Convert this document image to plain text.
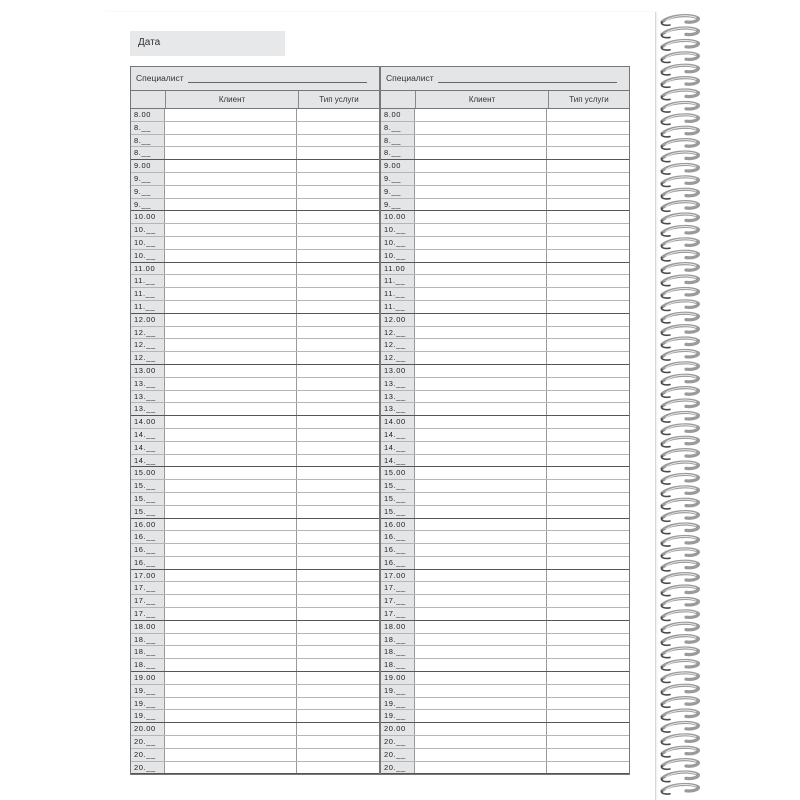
Дата
Специалист
Клиент	Тип услуги
8.00
8.__
8.__
8.__
9.00
9.__
9.__
9.__
10.00
10.__
10.__
10.__
11.00
11.__
11.__
11.__
12.00
12.__
12.__
12.__
13.00
13.__
13.__
13.__
14.00
14.__
14.__
14.__
15.00
15.__
15.__
15.__
16.00
16.__
16.__
16.__
17.00
17.__
17.__
17.__
18.00
18.__
18.__
18.__
19.00
19.__
19.__
19.__
20.00
20.__
20.__
20.__
Специалист
Клиент	Тип услуги
8.00
8.__
8.__
8.__
9.00
9.__
9.__
9.__
10.00
10.__
10.__
10.__
11.00
11.__
11.__
11.__
12.00
12.__
12.__
12.__
13.00
13.__
13.__
13.__
14.00
14.__
14.__
14.__
15.00
15.__
15.__
15.__
16.00
16.__
16.__
16.__
17.00
17.__
17.__
17.__
18.00
18.__
18.__
18.__
19.00
19.__
19.__
19.__
20.00
20.__
20.__
20.__
